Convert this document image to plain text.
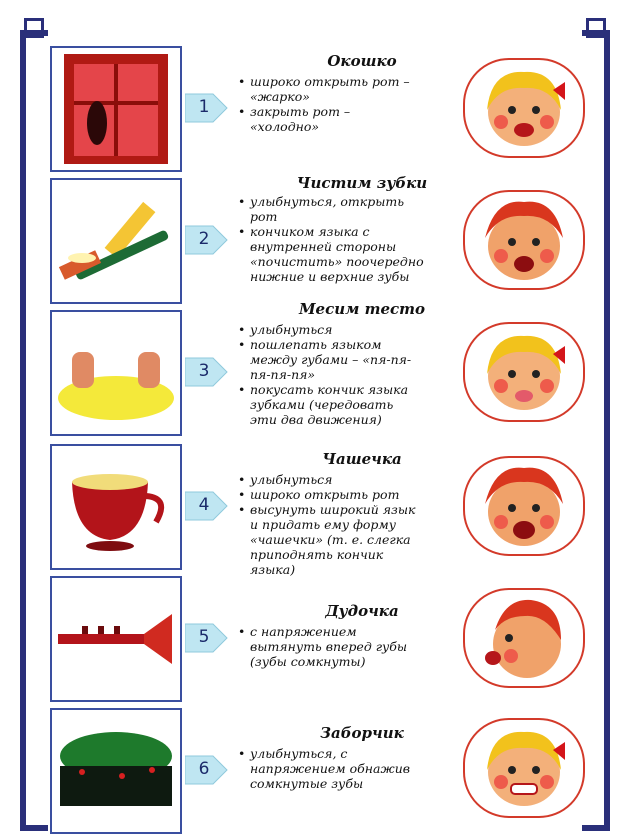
1
Окошко
• широко открыть рот –
«жарко»
• закрыть рот –
«холодно»
2
Чистим зубки
• улыбнуться, открыть
рот
• кончиком языка с
внутренней стороны
«почистить» поочередно
нижние и верхние зубы
3
Месим тесто
• улыбнуться
• пошлепать языком
между губами – «пя-пя-
пя-пя-пя»
• покусать кончик языка
зубками (чередовать
эти два движения)
4
Чашечка
• улыбнуться
• широко открыть рот
• высунуть широкий язык
и придать ему форму
«чашечки» (т. е. слегка
приподнять кончик
языка)
5
Дудочка
• с напряжением
вытянуть вперед губы
(зубы сомкнуты)
6
Заборчик
• улыбнуться, с
напряжением обнажив
сомкнутые зубы
